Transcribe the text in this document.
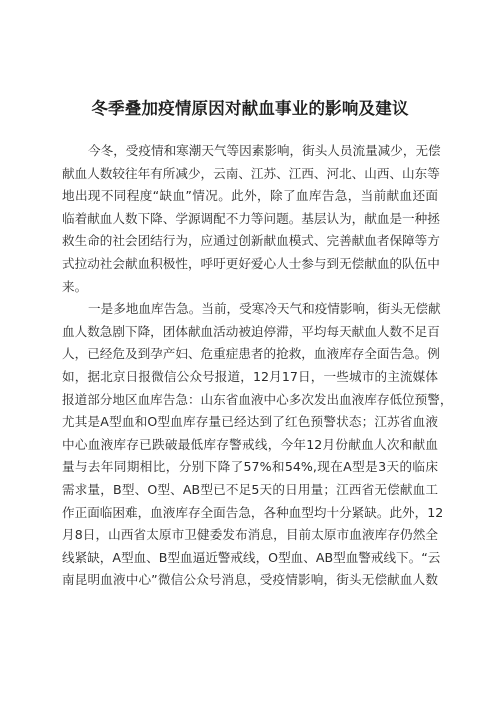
冬季叠加疫情原因对献血事业的影响及建议
今冬，受疫情和寒潮天气等因素影响，街头人员流量减少，无偿
献血人数较往年有所减少，云南、江苏、江西、河北、山西、山东等
地出现不同程度“缺血”情况。此外，除了血库告急，当前献血还面
临着献血人数下降、学源调配不力等问题。基层认为，献血是一种拯
救生命的社会团结行为，应通过创新献血模式、完善献血者保障等方
式拉动社会献血积极性，呼吁更好爱心人士参与到无偿献血的队伍中
来。
一是多地血库告急。当前，受寒冷天气和疫情影响，街头无偿献
血人数急剧下降，团体献血活动被迫停滞，平均每天献血人数不足百
人，已经危及到孕产妇、危重症患者的抢救，血液库存全面告急。例
如，据北京日报微信公众号报道，12月17日，一些城市的主流媒体
报道部分地区血库告急：山东省血液中心多次发出血液库存低位预警，
尤其是A型血和O型血库存量已经达到了红色预警状态；江苏省血液
中心血液库存已跌破最低库存警戒线，今年12月份献血人次和献血
量与去年同期相比，分别下降了57%和54%,现在A型是3天的临床
需求量，B型、O型、AB型已不足5天的日用量；江西省无偿献血工
作正面临困难，血液库存全面告急，各种血型均十分紧缺。此外，12
月8日，山西省太原市卫健委发布消息，目前太原市血液库存仍然全
线紧缺，A型血、B型血逼近警戒线，O型血、AB型血警戒线下。“云
南昆明血液中心”微信公众号消息，受疫情影响，街头无偿献血人数
